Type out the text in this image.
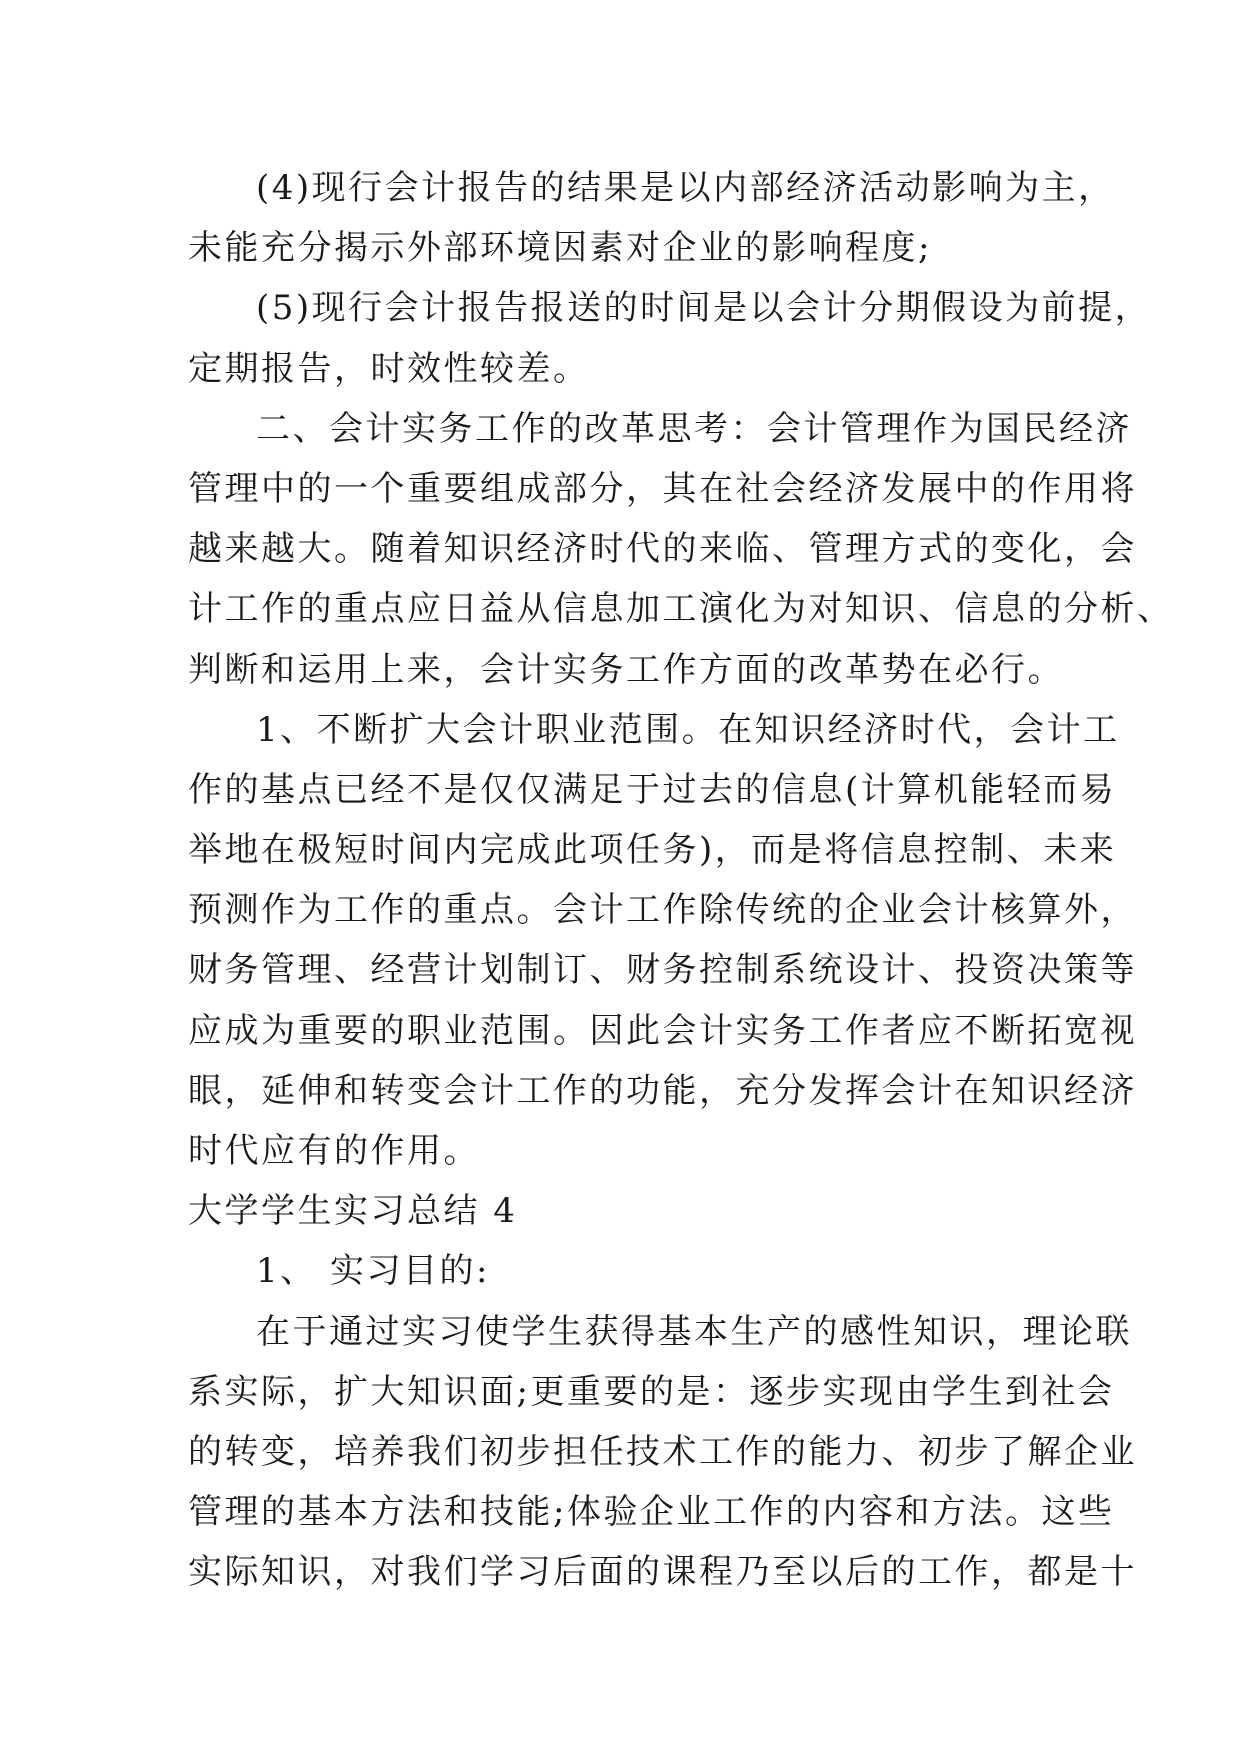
(4)现行会计报告的结果是以内部经济活动影响为主，
未能充分揭示外部环境因素对企业的影响程度;
(5)现行会计报告报送的时间是以会计分期假设为前提，
定期报告，时效性较差。
二、会计实务工作的改革思考：会计管理作为国民经济
管理中的一个重要组成部分，其在社会经济发展中的作用将
越来越大。随着知识经济时代的来临、管理方式的变化，会
计工作的重点应日益从信息加工演化为对知识、信息的分析、
判断和运用上来，会计实务工作方面的改革势在必行。
1、不断扩大会计职业范围。在知识经济时代，会计工
作的基点已经不是仅仅满足于过去的信息(计算机能轻而易
举地在极短时间内完成此项任务)，而是将信息控制、未来
预测作为工作的重点。会计工作除传统的企业会计核算外，
财务管理、经营计划制订、财务控制系统设计、投资决策等
应成为重要的职业范围。因此会计实务工作者应不断拓宽视
眼，延伸和转变会计工作的功能，充分发挥会计在知识经济
时代应有的作用。
大学学生实习总结 4
1、 实习目的:
在于通过实习使学生获得基本生产的感性知识，理论联
系实际，扩大知识面;更重要的是：逐步实现由学生到社会
的转变，培养我们初步担任技术工作的能力、初步了解企业
管理的基本方法和技能;体验企业工作的内容和方法。这些
实际知识，对我们学习后面的课程乃至以后的工作，都是十
